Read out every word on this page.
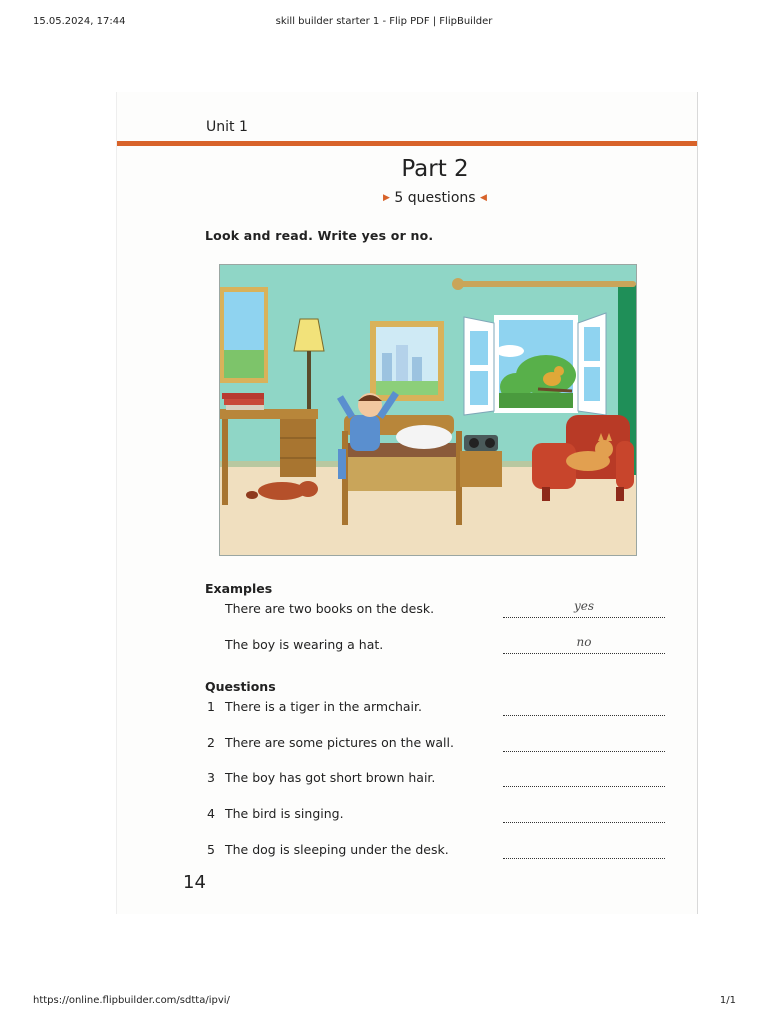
15.05.2024, 17:44	skill builder starter 1 - Flip PDF | FlipBuilder
Unit 1
Part 2
▶ 5 questions ◀
Look and read. Write yes or no.
Examples
There are two books on the desk.	yes
The boy is wearing a hat.	no
Questions
1 There is a tiger in the armchair.
2 There are some pictures on the wall.
3 The boy has got short brown hair.
4 The bird is singing.
5 The dog is sleeping under the desk.
14
https://online.flipbuilder.com/sdtta/ipvi/	1/1
